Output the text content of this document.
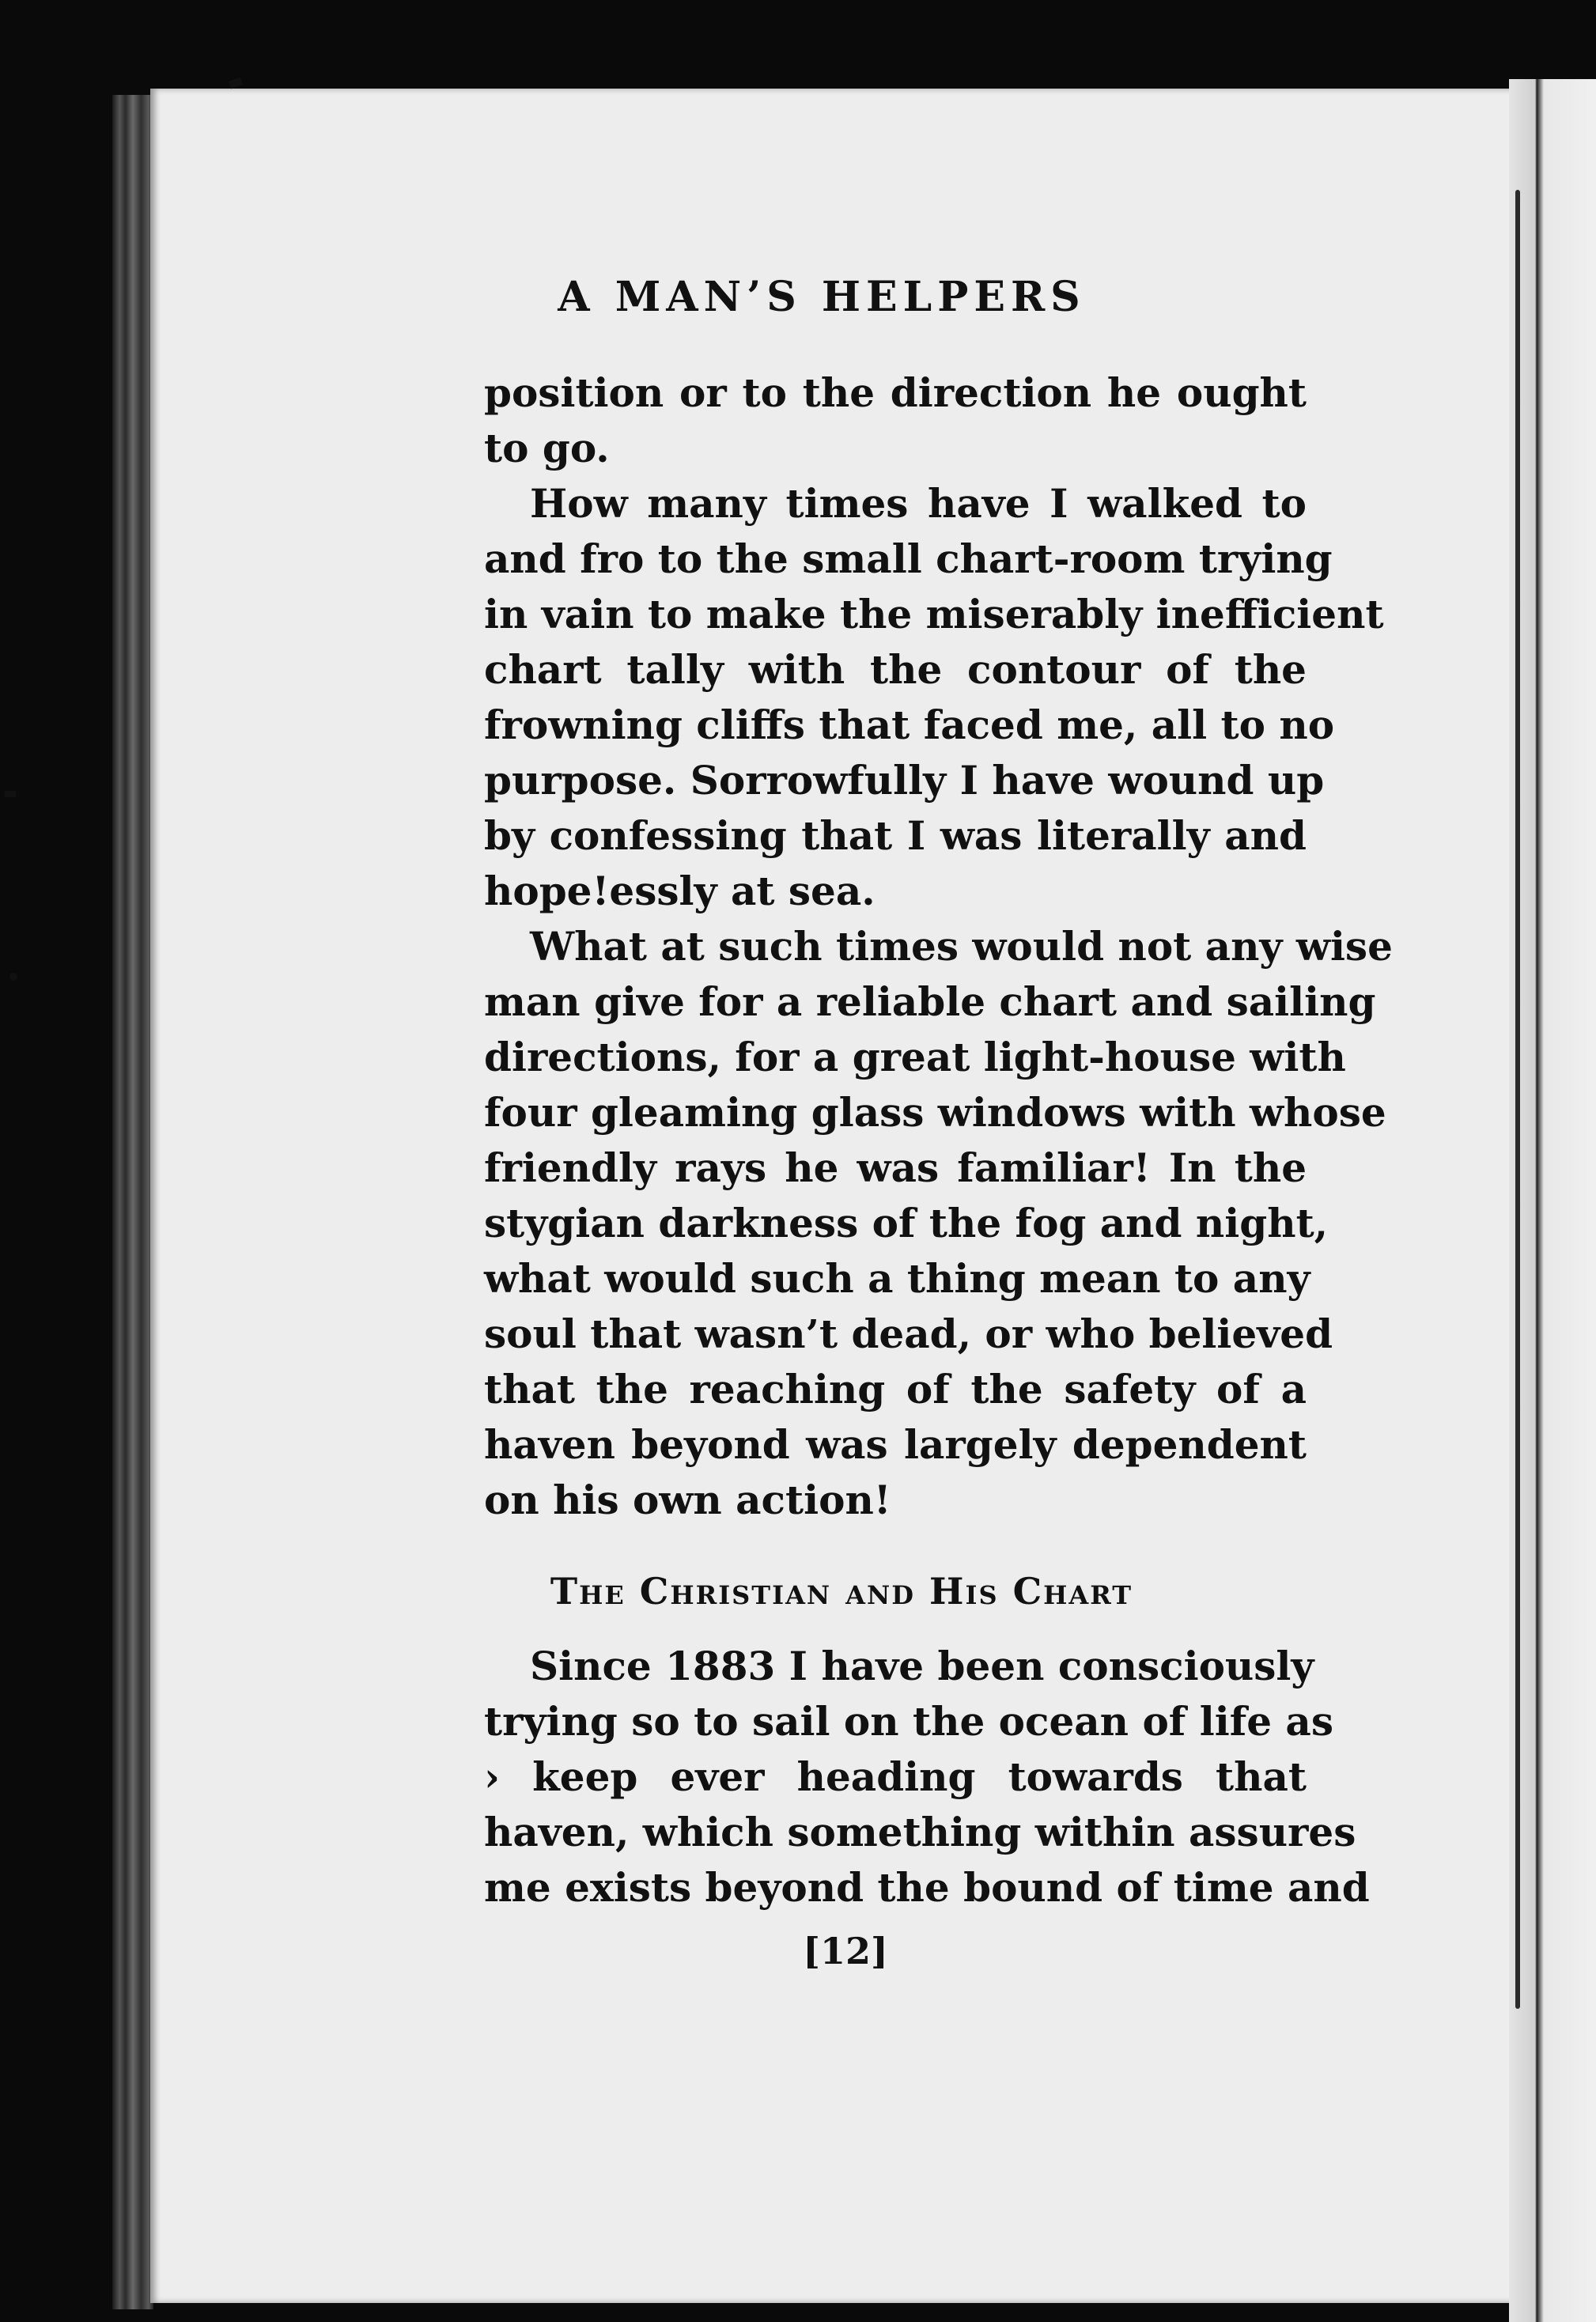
A MAN’S HELPERS
position or to the direction he ought
to go.
How many times have I walked to
and fro to the small chart-room trying
in vain to make the miserably inefficient
chart tally with the contour of the
frowning cliffs that faced me, all to no
purpose. Sorrowfully I have wound up
by confessing that I was literally and
hope!essly at sea.
What at such times would not any wise
man give for a reliable chart and sailing
directions, for a great light-house with
four gleaming glass windows with whose
friendly rays he was familiar! In the
stygian darkness of the fog and night,
what would such a thing mean to any
soul that wasn’t dead, or who believed
that the reaching of the safety of a
haven beyond was largely dependent
on his own action!
The Christian and His Chart
Since 1883 I have been consciously
trying so to sail on the ocean of life as
› keep ever heading towards that
haven, which something within assures
me exists beyond the bound of time and
[12]
